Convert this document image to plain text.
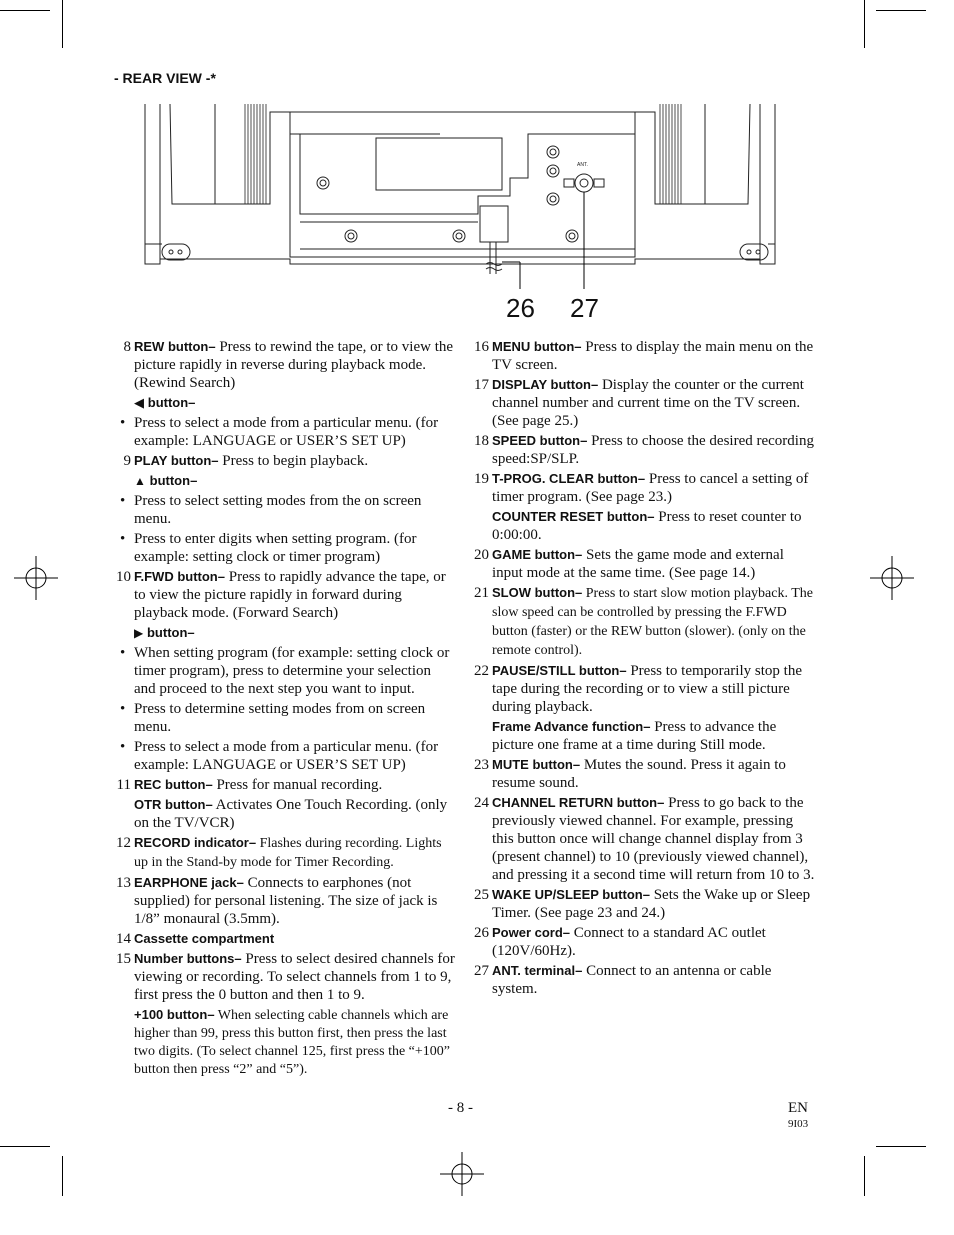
- REAR VIEW -*
ANT.
26 27
8 REW button– Press to rewind the tape, or to view the picture rapidly in reverse during playback mode. (Rewind Search)
◀ button–
• Press to select a mode from a particular menu. (for example: LANGUAGE or USER’S SET UP)
9 PLAY button– Press to begin playback.
▲ button–
• Press to select setting modes from the on screen menu.
• Press to enter digits when setting program. (for example: setting clock or timer program)
10 F.FWD button– Press to rapidly advance the tape, or to view the picture rapidly in forward during playback mode. (Forward Search)
▶ button–
• When setting program (for example: setting clock or timer program), press to determine your selection and proceed to the next step you want to input.
• Press to determine setting modes from on screen menu.
• Press to select a mode from a particular menu. (for example: LANGUAGE or USER’S SET UP)
11 REC button– Press for manual recording.
OTR button– Activates One Touch Recording. (only on the TV/VCR)
12 RECORD indicator– Flashes during recording. Lights up in the Stand-by mode for Timer Recording.
13 EARPHONE jack– Connects to earphones (not supplied) for personal listening. The size of jack is 1/8” monaural (3.5mm).
14 Cassette compartment
15 Number buttons– Press to select desired channels for viewing or recording. To select channels from 1 to 9, first press the 0 button and then 1 to 9.
+100 button– When selecting cable channels which are higher than 99, press this button first, then press the last two digits. (To select channel 125, first press the “+100” button then press “2” and “5”).
16 MENU button– Press to display the main menu on the TV screen.
17 DISPLAY button– Display the counter or the current channel number and current time on the TV screen. (See page 25.)
18 SPEED button– Press to choose the desired recording speed:SP/SLP.
19 T-PROG. CLEAR button– Press to cancel a setting of timer program. (See page 23.)
COUNTER RESET button– Press to reset counter to 0:00:00.
20 GAME button– Sets the game mode and external input mode at the same time. (See page 14.)
21 SLOW button– Press to start slow motion playback. The slow speed can be controlled by pressing the F.FWD button (faster) or the REW button (slower). (only on the remote control).
22 PAUSE/STILL button– Press to temporarily stop the tape during the recording or to view a still picture during playback.
Frame Advance function– Press to advance the picture one frame at a time during Still mode.
23 MUTE button– Mutes the sound. Press it again to resume sound.
24 CHANNEL RETURN button– Press to go back to the previously viewed channel. For example, pressing this button once will change channel display from 3 (present channel) to 10 (previously viewed channel), and pressing it a second time will return from 10 to 3.
25 WAKE UP/SLEEP button– Sets the Wake up or Sleep Timer. (See page 23 and 24.)
26 Power cord– Connect to a standard AC outlet (120V/60Hz).
27 ANT. terminal– Connect to an antenna or cable system.
- 8 -	EN
9I03
